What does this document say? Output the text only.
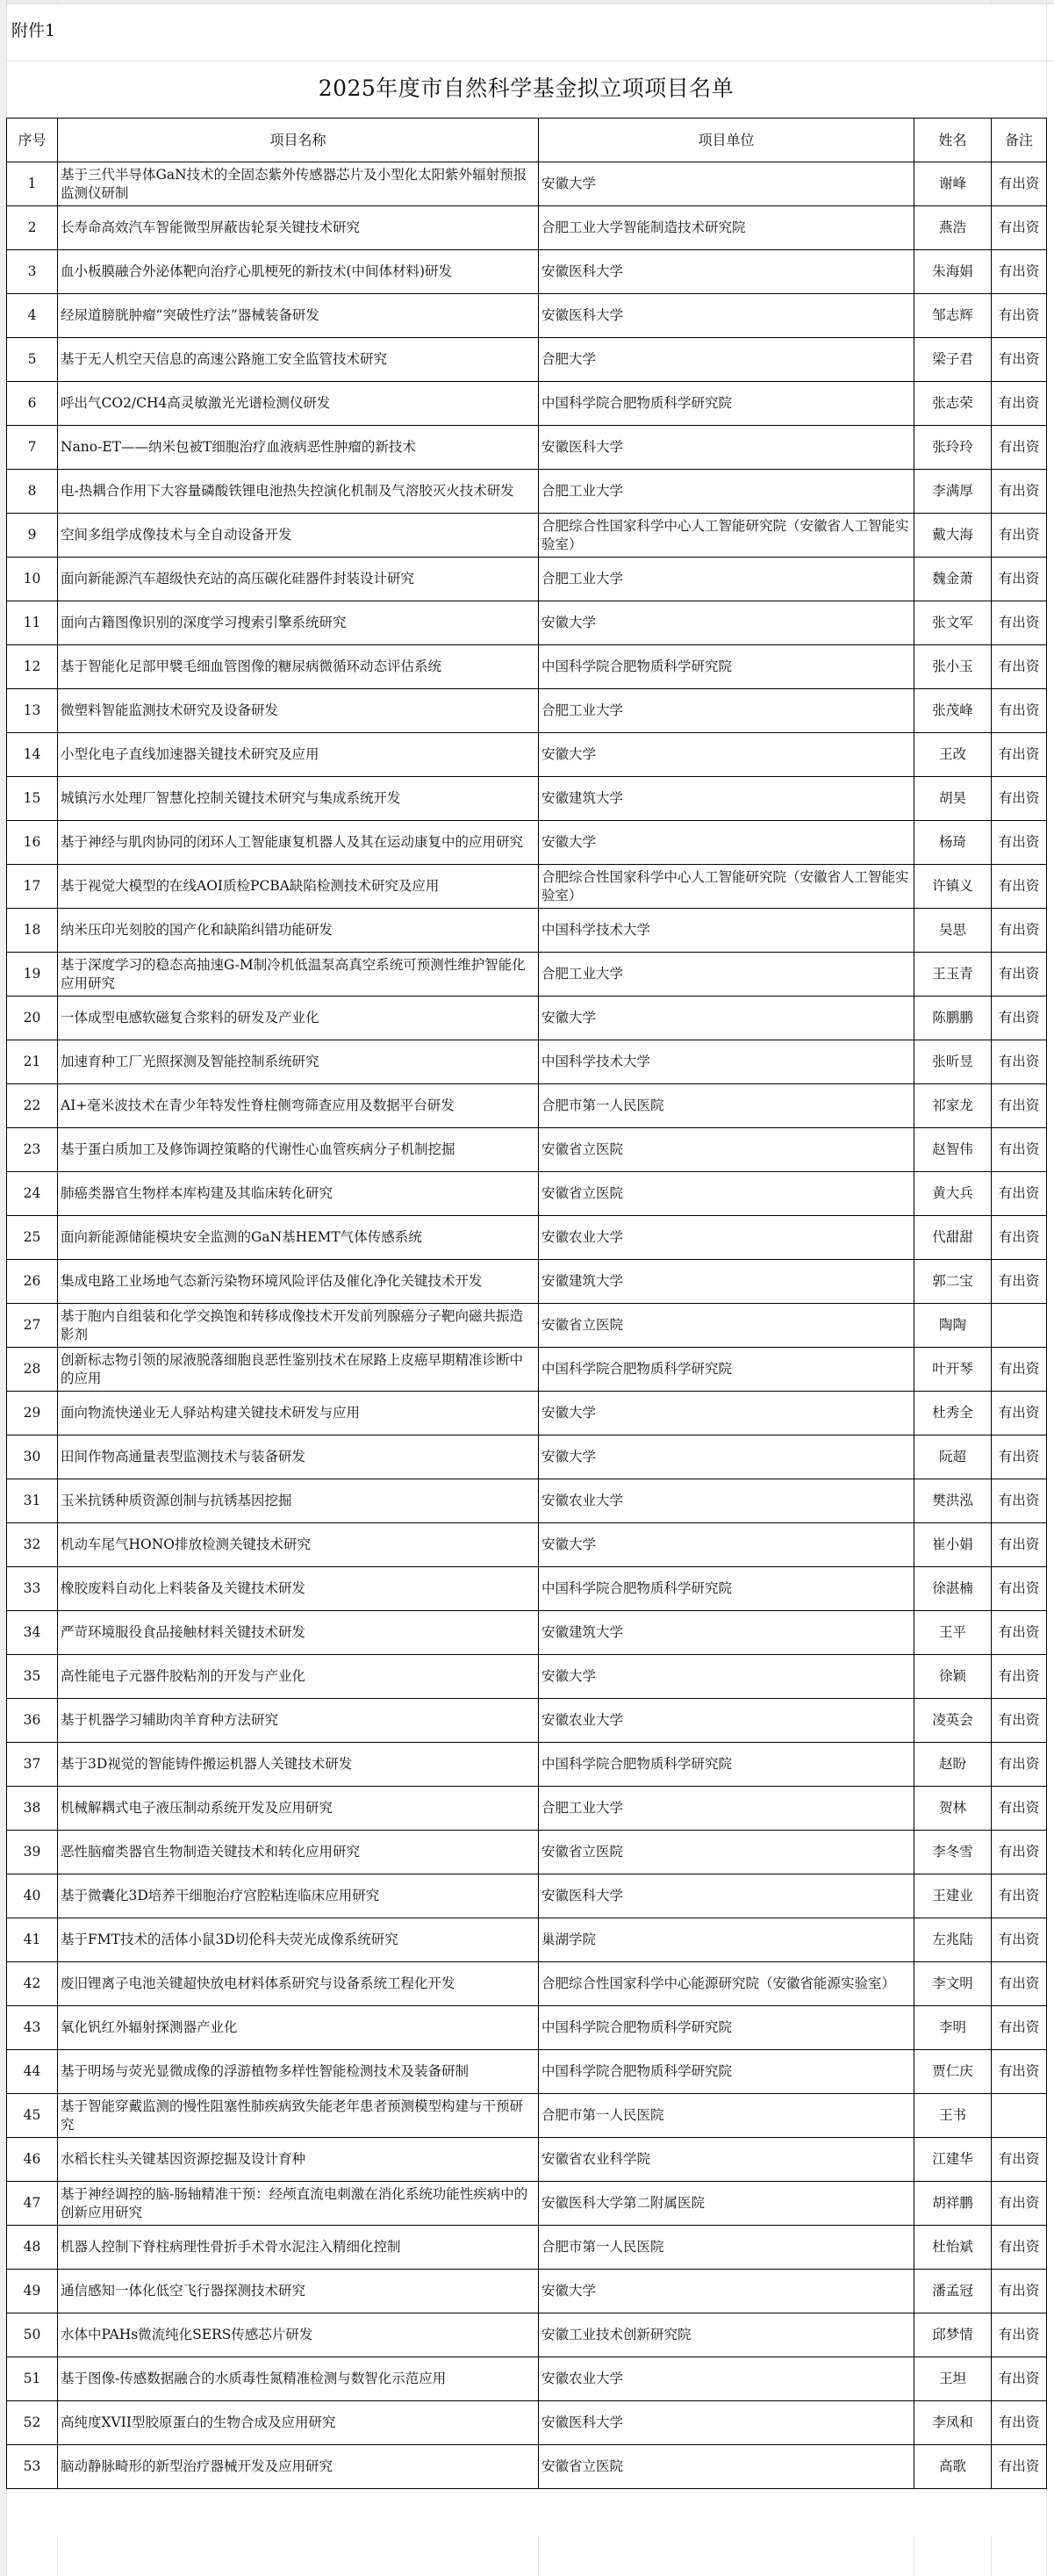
附件1
2025年度市自然科学基金拟立项项目名单
序号	项目名称	项目单位	姓名	备注
1	基于三代半导体GaN技术的全固态紫外传感器芯片及小型化太阳紫外辐射预报监测仪研制	安徽大学	谢峰	有出资
2	长寿命高效汽车智能微型屏蔽齿轮泵关键技术研究	合肥工业大学智能制造技术研究院	燕浩	有出资
3	血小板膜融合外泌体靶向治疗心肌梗死的新技术(中间体材料)研发	安徽医科大学	朱海娟	有出资
4	经尿道膀胱肿瘤“突破性疗法”器械装备研发	安徽医科大学	邹志辉	有出资
5	基于无人机空天信息的高速公路施工安全监管技术研究	合肥大学	梁子君	有出资
6	呼出气CO2/CH4高灵敏激光光谱检测仪研发	中国科学院合肥物质科学研究院	张志荣	有出资
7	Nano-ET——纳米包被T细胞治疗血液病恶性肿瘤的新技术	安徽医科大学	张玲玲	有出资
8	电-热耦合作用下大容量磷酸铁锂电池热失控演化机制及气溶胶灭火技术研发	合肥工业大学	李满厚	有出资
9	空间多组学成像技术与全自动设备开发	合肥综合性国家科学中心人工智能研究院（安徽省人工智能实验室）	戴大海	有出资
10	面向新能源汽车超级快充站的高压碳化硅器件封装设计研究	合肥工业大学	魏金萧	有出资
11	面向古籍图像识别的深度学习搜索引擎系统研究	安徽大学	张文军	有出资
12	基于智能化足部甲襞毛细血管图像的糖尿病微循环动态评估系统	中国科学院合肥物质科学研究院	张小玉	有出资
13	微塑料智能监测技术研究及设备研发	合肥工业大学	张茂峰	有出资
14	小型化电子直线加速器关键技术研究及应用	安徽大学	王改	有出资
15	城镇污水处理厂智慧化控制关键技术研究与集成系统开发	安徽建筑大学	胡昊	有出资
16	基于神经与肌肉协同的闭环人工智能康复机器人及其在运动康复中的应用研究	安徽大学	杨琦	有出资
17	基于视觉大模型的在线AOI质检PCBA缺陷检测技术研究及应用	合肥综合性国家科学中心人工智能研究院（安徽省人工智能实验室）	许镇义	有出资
18	纳米压印光刻胶的国产化和缺陷纠错功能研发	中国科学技术大学	吴思	有出资
19	基于深度学习的稳态高抽速G-M制冷机低温泵高真空系统可预测性维护智能化应用研究	合肥工业大学	王玉青	有出资
20	一体成型电感软磁复合浆料的研发及产业化	安徽大学	陈鹏鹏	有出资
21	加速育种工厂光照探测及智能控制系统研究	中国科学技术大学	张昕昱	有出资
22	AI+毫米波技术在青少年特发性脊柱侧弯筛查应用及数据平台研发	合肥市第一人民医院	祁家龙	有出资
23	基于蛋白质加工及修饰调控策略的代谢性心血管疾病分子机制挖掘	安徽省立医院	赵智伟	有出资
24	肺癌类器官生物样本库构建及其临床转化研究	安徽省立医院	黄大兵	有出资
25	面向新能源储能模块安全监测的GaN基HEMT气体传感系统	安徽农业大学	代甜甜	有出资
26	集成电路工业场地气态新污染物环境风险评估及催化净化关键技术开发	安徽建筑大学	郭二宝	有出资
27	基于胞内自组装和化学交换饱和转移成像技术开发前列腺癌分子靶向磁共振造影剂	安徽省立医院	陶陶	
28	创新标志物引领的尿液脱落细胞良恶性鉴别技术在尿路上皮癌早期精准诊断中的应用	中国科学院合肥物质科学研究院	叶开琴	有出资
29	面向物流快递业无人驿站构建关键技术研发与应用	安徽大学	杜秀全	有出资
30	田间作物高通量表型监测技术与装备研发	安徽大学	阮超	有出资
31	玉米抗锈种质资源创制与抗锈基因挖掘	安徽农业大学	樊洪泓	有出资
32	机动车尾气HONO排放检测关键技术研究	安徽大学	崔小娟	有出资
33	橡胶废料自动化上料装备及关键技术研发	中国科学院合肥物质科学研究院	徐湛楠	有出资
34	严苛环境服役食品接触材料关键技术研发	安徽建筑大学	王平	有出资
35	高性能电子元器件胶粘剂的开发与产业化	安徽大学	徐颖	有出资
36	基于机器学习辅助肉羊育种方法研究	安徽农业大学	凌英会	有出资
37	基于3D视觉的智能铸件搬运机器人关键技术研发	中国科学院合肥物质科学研究院	赵盼	有出资
38	机械解耦式电子液压制动系统开发及应用研究	合肥工业大学	贺林	有出资
39	恶性脑瘤类器官生物制造关键技术和转化应用研究	安徽省立医院	李冬雪	有出资
40	基于微囊化3D培养干细胞治疗宫腔粘连临床应用研究	安徽医科大学	王建业	有出资
41	基于FMT技术的活体小鼠3D切伦科夫荧光成像系统研究	巢湖学院	左兆陆	有出资
42	废旧锂离子电池关键超快放电材料体系研究与设备系统工程化开发	合肥综合性国家科学中心能源研究院（安徽省能源实验室）	李文明	有出资
43	氧化钒红外辐射探测器产业化	中国科学院合肥物质科学研究院	李明	有出资
44	基于明场与荧光显微成像的浮游植物多样性智能检测技术及装备研制	中国科学院合肥物质科学研究院	贾仁庆	有出资
45	基于智能穿戴监测的慢性阻塞性肺疾病致失能老年患者预测模型构建与干预研究	合肥市第一人民医院	王书	
46	水稻长柱头关键基因资源挖掘及设计育种	安徽省农业科学院	江建华	有出资
47	基于神经调控的脑-肠轴精准干预：经颅直流电刺激在消化系统功能性疾病中的创新应用研究	安徽医科大学第二附属医院	胡祥鹏	有出资
48	机器人控制下脊柱病理性骨折手术骨水泥注入精细化控制	合肥市第一人民医院	杜怡斌	有出资
49	通信感知一体化低空飞行器探测技术研究	安徽大学	潘孟冠	有出资
50	水体中PAHs微流纯化SERS传感芯片研发	安徽工业技术创新研究院	邱梦情	有出资
51	基于图像-传感数据融合的水质毒性氮精准检测与数智化示范应用	安徽农业大学	王坦	有出资
52	高纯度XVII型胶原蛋白的生物合成及应用研究	安徽医科大学	李凤和	有出资
53	脑动静脉畸形的新型治疗器械开发及应用研究	安徽省立医院	高歌	有出资
